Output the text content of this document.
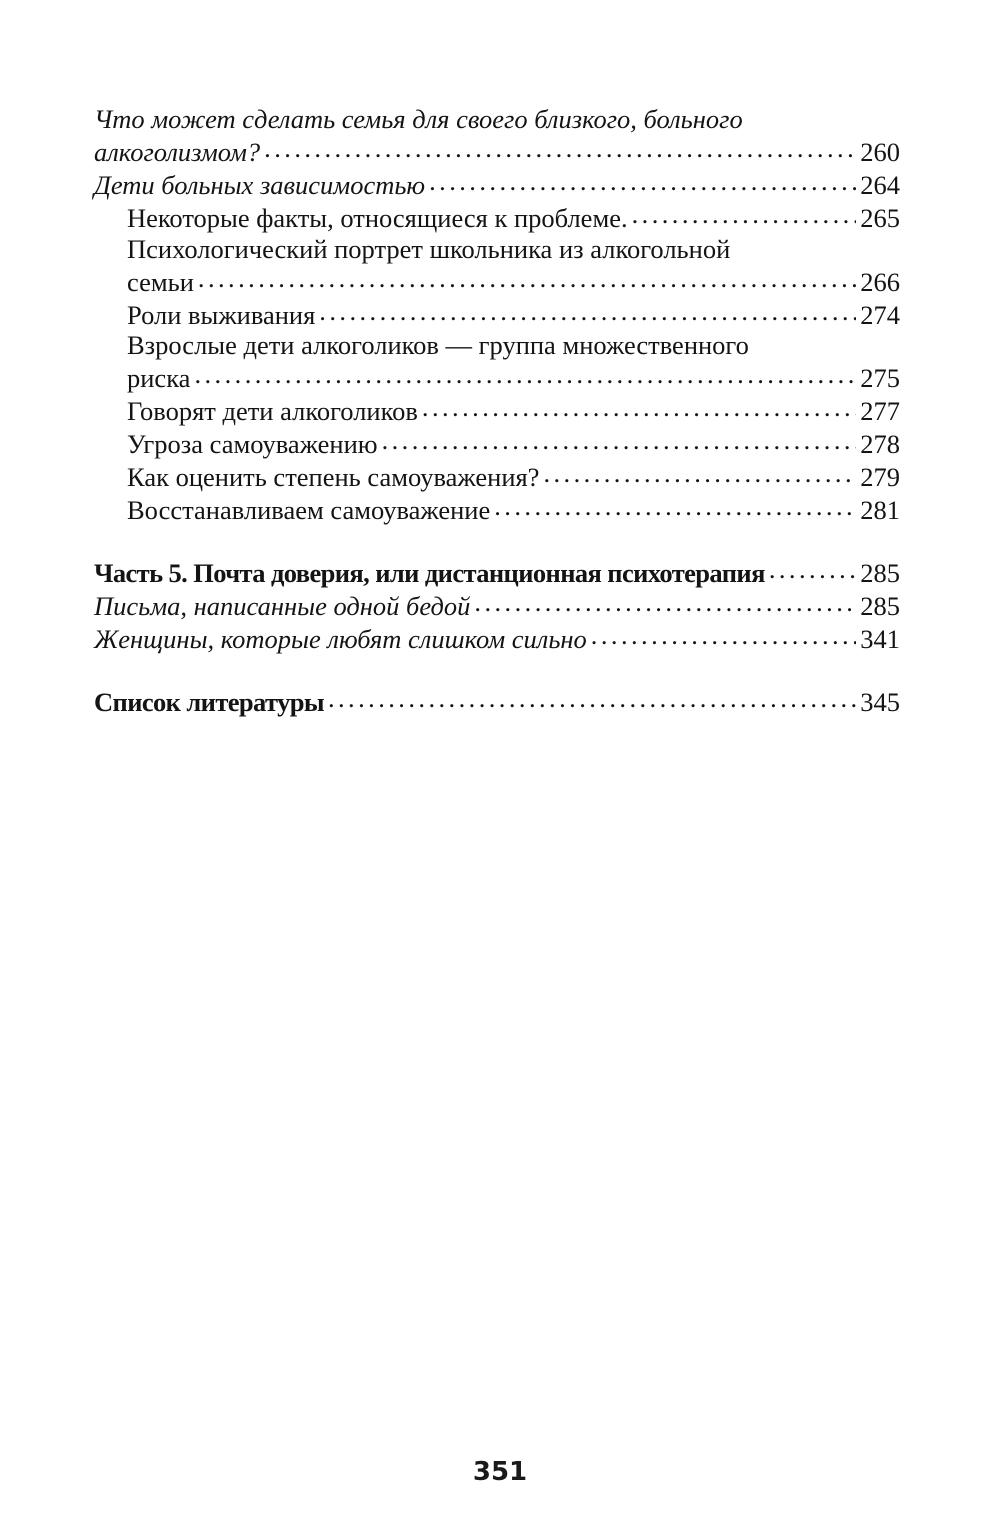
Что может сделать семья для своего близкого, больного
алкоголизмом? . . .	260
Дети больных зависимостью . . .	264
Некоторые факты, относящиеся к проблеме. . . .	265
Психологический портрет школьника из алкогольной
семьи . . .	266
Роли выживания . . .	274
Взрослые дети алкоголиков — группа множественного
риска . . .	275
Говорят дети алкоголиков . . .	277
Угроза самоуважению . . .	278
Как оценить степень самоуважения? . . .	279
Восстанавливаем самоуважение . . .	281
Часть 5. Почта доверия, или дистанционная психотерапия . . .	285
Письма, написанные одной бедой . . .	285
Женщины, которые любят слишком сильно . . .	341
Список литературы . . .	345
351
